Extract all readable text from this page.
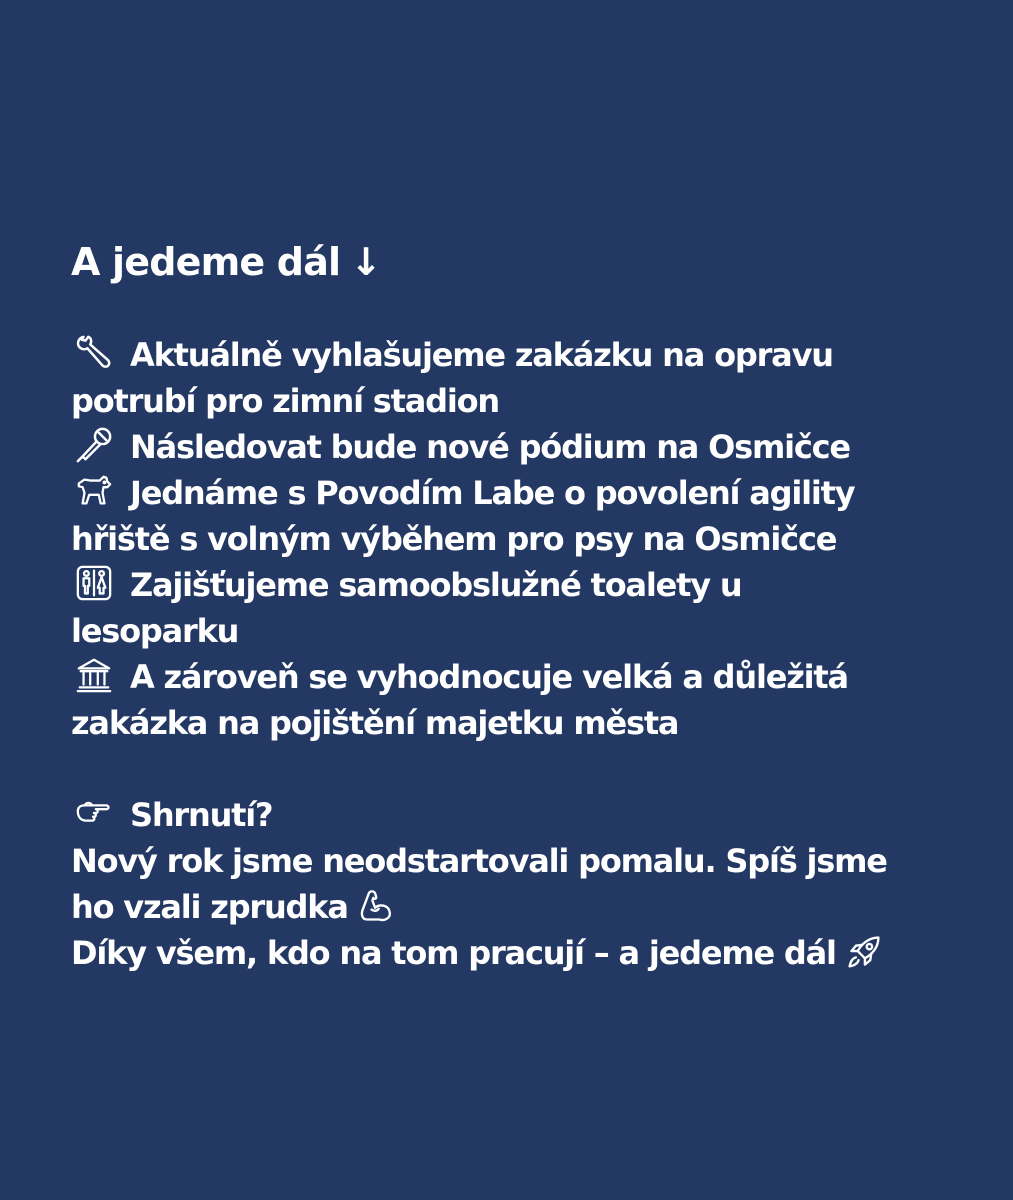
A jedeme dál ↓
Aktuálně vyhlašujeme zakázku na opravu
potrubí pro zimní stadion
Následovat bude nové pódium na Osmičce
Jednáme s Povodím Labe o povolení agility
hřiště s volným výběhem pro psy na Osmičce
Zajišťujeme samoobslužné toalety u
lesoparku
A zároveň se vyhodnocuje velká a důležitá
zakázka na pojištění majetku města
Shrnutí?
Nový rok jsme neodstartovali pomalu. Spíš jsme
ho vzali zprudka
Díky všem, kdo na tom pracují – a jedeme dál
